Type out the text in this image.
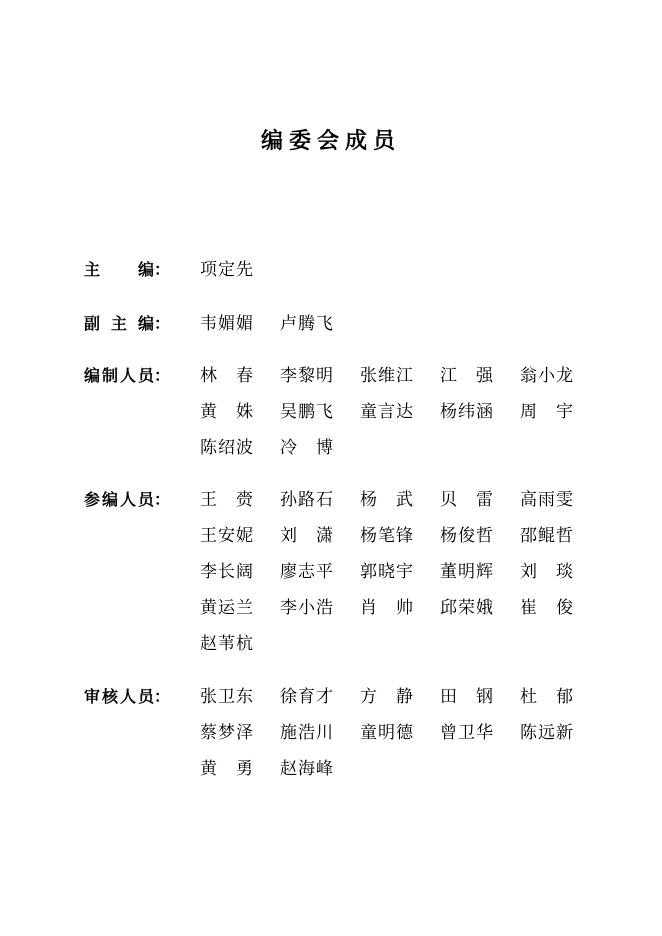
编委会成员
主编：	项定先
副主编：	韦媚媚 卢腾飞
编制人员：	林春 李黎明 张维江 江强 翁小龙
黄姝 吴鹏飞 童言达 杨纬涵 周宇
陈绍波 冷博
参编人员：	王赍 孙路石 杨武 贝雷 高雨雯
王安妮 刘潇 杨笔锋 杨俊哲 邵鲲哲
李长阔 廖志平 郭晓宇 董明辉 刘琰
黄运兰 李小浩 肖帅 邱荣娥 崔俊
赵苇杭
审核人员：	张卫东 徐育才 方静 田钢 杜郁
蔡梦泽 施浩川 童明德 曾卫华 陈远新
黄勇 赵海峰
